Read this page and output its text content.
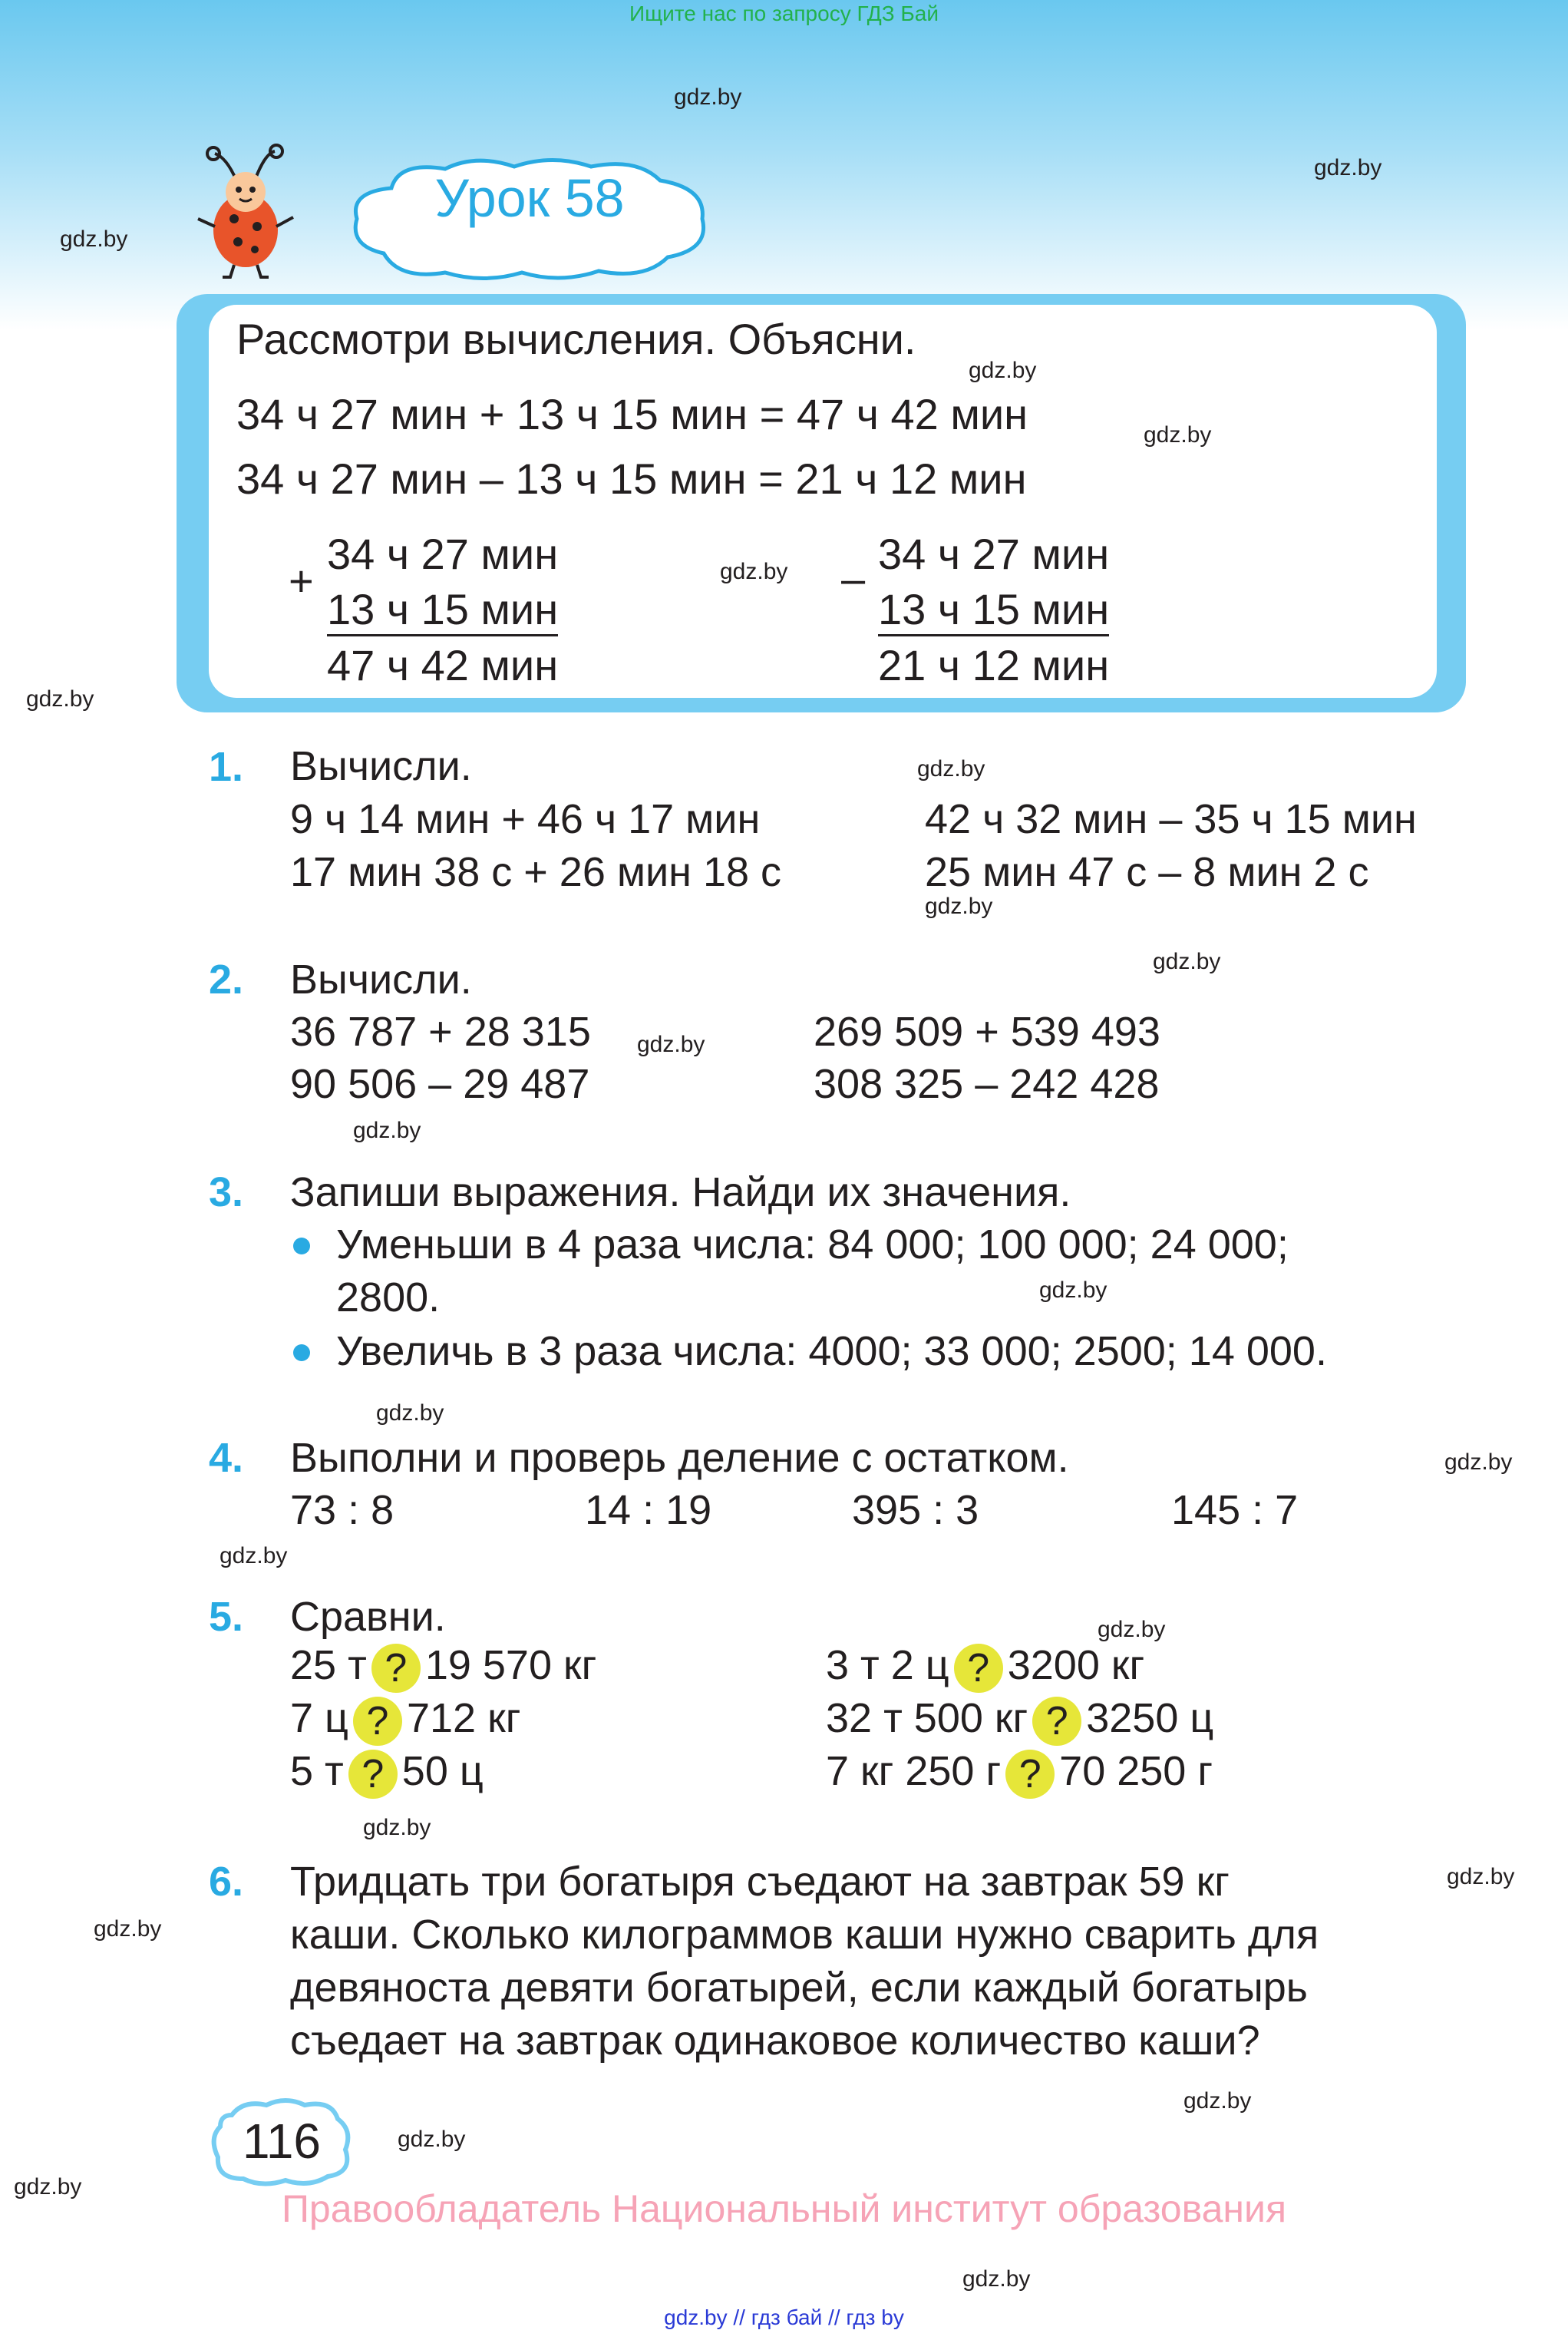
Ищите нас по запросу ГДЗ Бай
Урок 58
Рассмотри вычисления. Объясни.
34 ч 27 мин + 13 ч 15 мин = 47 ч 42 мин
34 ч 27 мин – 13 ч 15 мин = 21 ч 12 мин
+
34 ч 27 мин
13 ч 15 мин
47 ч 42 мин
–
34 ч 27 мин
13 ч 15 мин
21 ч 12 мин
1. Вычисли.
9 ч 14 мин + 46 ч 17 мин
17 мин 38 с + 26 мин 18 с
42 ч 32 мин – 35 ч 15 мин
25 мин 47 с – 8 мин 2 с
2. Вычисли.
36 787 + 28 315
90 506 – 29 487
269 509 + 539 493
308 325 – 242 428
3. Запиши выражения. Найди их значения.
Уменьши в 4 раза числа: 84 000; 100 000; 24 000;
2800.
Увеличь в 3 раза числа: 4000; 33 000; 2500; 14 000.
4. Выполни и проверь деление с остатком.
73 : 8	14 : 19	395 : 3	145 : 7
5. Сравни.
25 т ? 19 570 кг
7 ц ? 712 кг
5 т ? 50 ц
3 т 2 ц ? 3200 кг
32 т 500 кг ? 3250 ц
7 кг 250 г ? 70 250 г
6. Тридцать три богатыря съедают на завтрак 59 кг
каши. Сколько килограммов каши нужно сварить для
девяноста девяти богатырей, если каждый богатырь
съедает на завтрак одинаковое количество каши?
116
Правообладатель Национальный институт образования
gdz.by // гдз бай // гдз by
gdz.by
gdz.by
gdz.by
gdz.by
gdz.by
gdz.by
gdz.by
gdz.by
gdz.by
gdz.by
gdz.by
gdz.by
gdz.by
gdz.by
gdz.by
gdz.by
gdz.by
gdz.by
gdz.by
gdz.by
gdz.by
gdz.by
gdz.by
gdz.by
